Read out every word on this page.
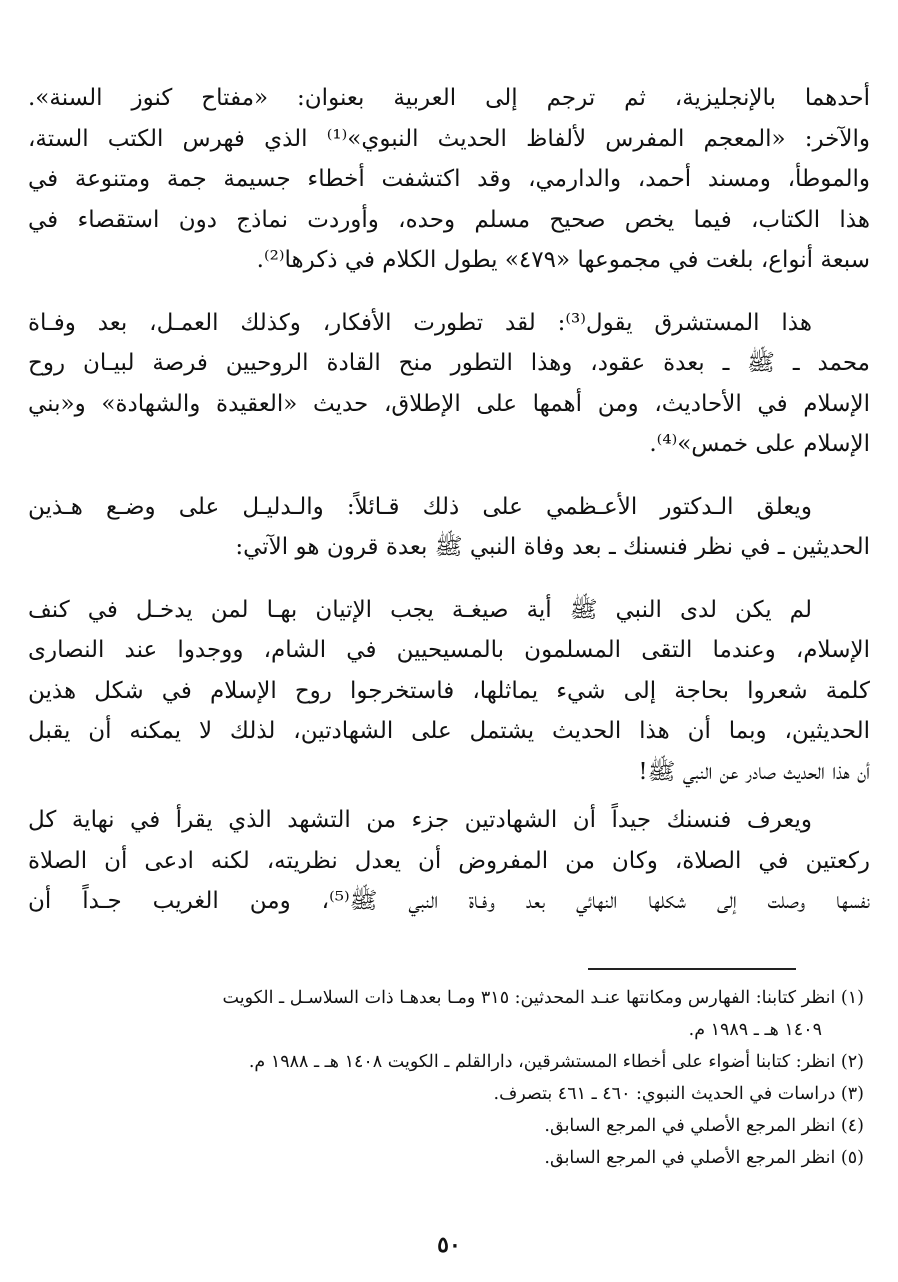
أحدهما بالإنجليزية، ثم ترجم إلى العربية بعنوان: «مفتاح كنوز السنة».
والآخر: «المعجم المفرس لألفاظ الحديث النبوي»⁽¹⁾ الذي فهرس الكتب الستة،
والموطأ، ومسند أحمد، والدارمي، وقد اكتشفت أخطاء جسيمة جمة ومتنوعة في
هذا الكتاب، فيما يخص صحيح مسلم وحده، وأوردت نماذج دون استقصاء في
سبعة أنواع، بلغت في مجموعها «٤٧٩» يطول الكلام في ذكرها⁽²⁾.

هذا المستشرق يقول⁽³⁾: لقد تطورت الأفكار، وكذلك العمـل، بعد وفـاة
محمد ـ ﷺ ـ بعدة عقود، وهذا التطور منح القادة الروحيين فرصة لبيـان روح
الإسلام في الأحاديث، ومن أهمها على الإطلاق، حديث «العقيدة والشهادة» و«بني
الإسلام على خمس»⁽⁴⁾.

ويعلق الـدكتور الأعـظمي على ذلك قـائلاً: والـدليـل على وضـع هـذين
الحديثين ـ في نظر فنسنك ـ بعد وفاة النبي ﷺ بعدة قرون هو الآتي:

لم يكن لدى النبي ﷺ أية صيغـة يجب الإتيان بهـا لمن يدخـل في كنف
الإسلام، وعندما التقى المسلمون بالمسيحيين في الشام، ووجدوا عند النصارى
كلمة شعروا بحاجة إلى شيء يماثلها، فاستخرجوا روح الإسلام في شكل هذين
الحديثين، وبما أن هذا الحديث يشتمل على الشهادتين، لذلك لا يمكنه أن يقبل
أن هذا الحديث صادر عن النبي ﷺ!

ويعرف فنسنك جيداً أن الشهادتين جزء من التشهد الذي يقرأ في نهاية كل
ركعتين في الصلاة، وكان من المفروض أن يعدل نظريته، لكنه ادعى أن الصلاة
نفسها وصلت إلى شكلها النهائي بعد وفـاة النبي ﷺ⁽⁵⁾، ومن الغريب جـداً أن

(١) انظر كتابنا: الفهارس ومكانتها عنـد المحدثين: ٣١٥ ومـا بعدهـا ذات السلاسـل ـ الكويت
١٤٠٩ هـ ـ ١٩٨٩ م.
(٢) انظر: كتابنا أضواء على أخطاء المستشرقين، دارالقلم ـ الكويت ١٤٠٨ هـ ـ ١٩٨٨ م.
(٣) دراسات في الحديث النبوي: ٤٦٠ ـ ٤٦١ بتصرف.
(٤) انظر المرجع الأصلي في المرجع السابق.
(٥) انظر المرجع الأصلي في المرجع السابق.
٥٠
